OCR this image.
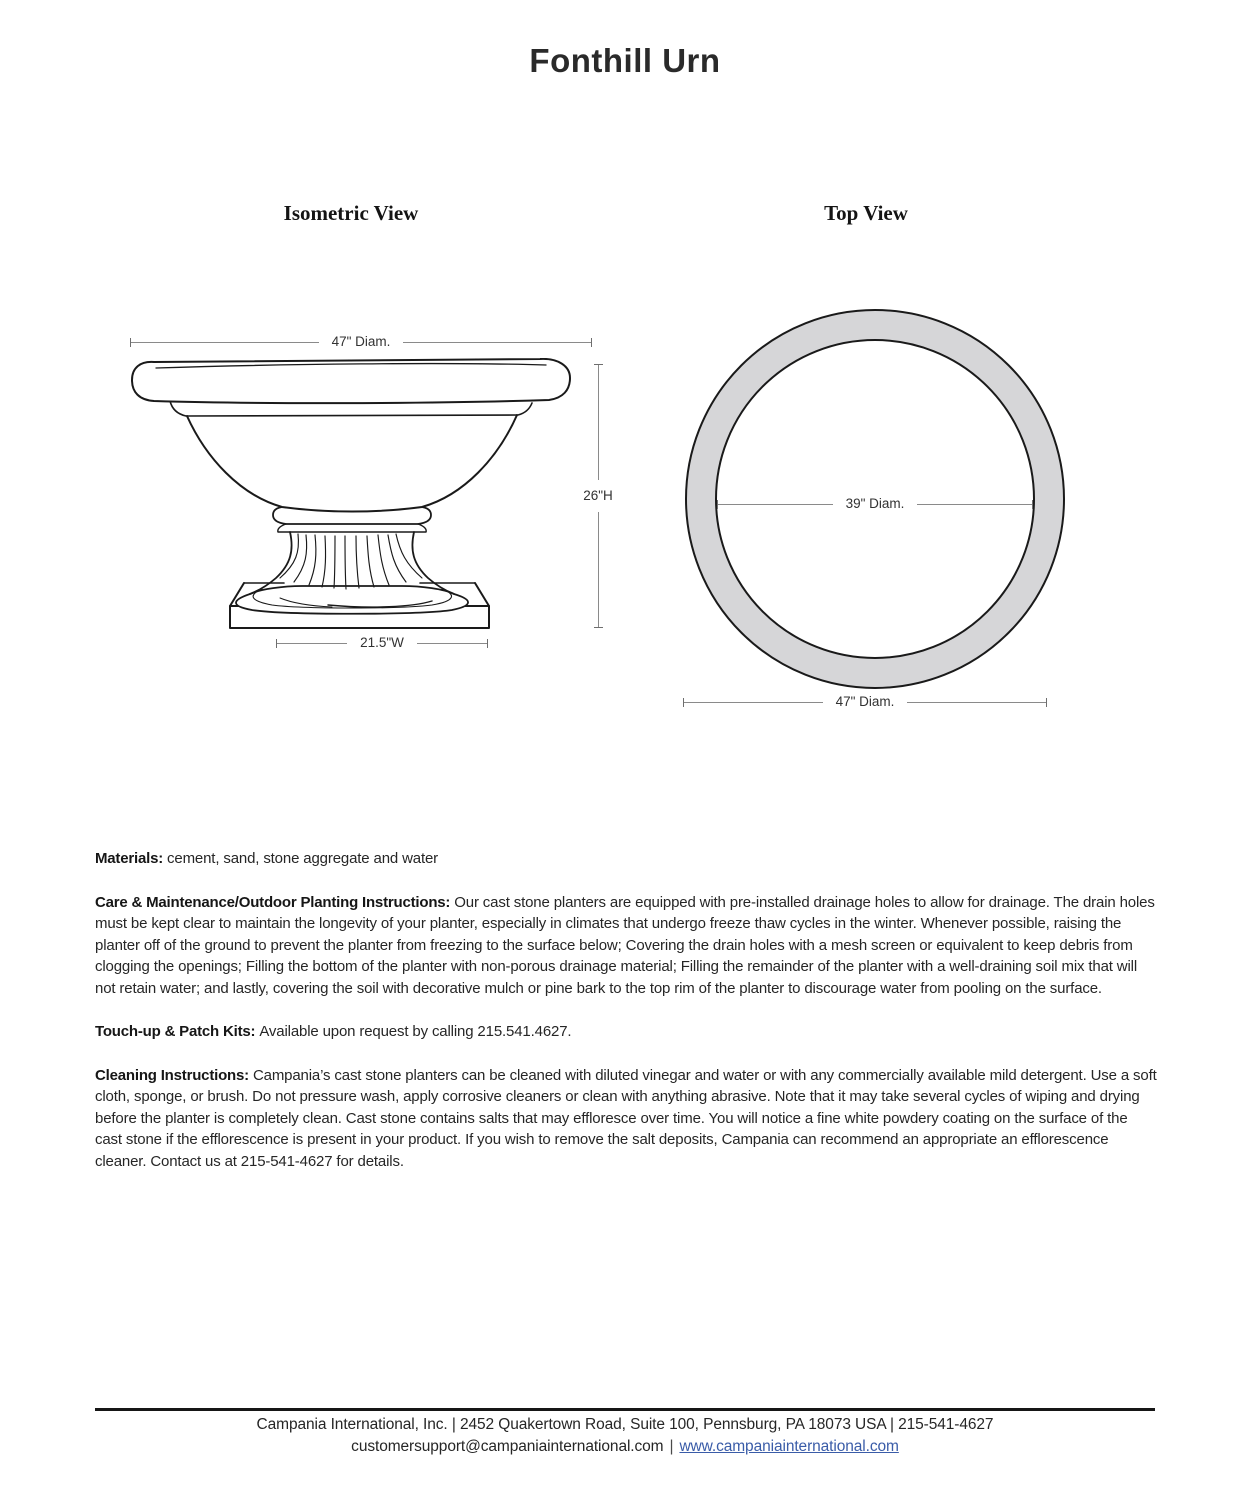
Fonthill Urn
Isometric View	Top View
47" Diam.
26"H
21.5"W
39" Diam.
47" Diam.
Materials: cement, sand, stone aggregate and water
Care & Maintenance/Outdoor Planting Instructions: Our cast stone planters are equipped with pre-installed drainage holes to allow for drainage. The drain holes must be kept clear to maintain the longevity of your planter, especially in climates that undergo freeze thaw cycles in the winter. Whenever possible, raising the planter off of the ground to prevent the planter from freezing to the surface below; Covering the drain holes with a mesh screen or equivalent to keep debris from clogging the openings; Filling the bottom of the planter with non-porous drainage material; Filling the remainder of the planter with a well-draining soil mix that will not retain water; and lastly, covering the soil with decorative mulch or pine bark to the top rim of the planter to discourage water from pooling on the surface.
Touch-up & Patch Kits: Available upon request by calling 215.541.4627.
Cleaning Instructions: Campania’s cast stone planters can be cleaned with diluted vinegar and water or with any commercially available mild detergent. Use a soft cloth, sponge, or brush. Do not pressure wash, apply corrosive cleaners or clean with anything abrasive. Note that it may take several cycles of wiping and drying before the planter is completely clean. Cast stone contains salts that may effloresce over time. You will notice a fine white powdery coating on the surface of the cast stone if the efflorescence is present in your product. If you wish to remove the salt deposits, Campania can recommend an appropriate an efflorescence cleaner. Contact us at 215-541-4627 for details.
Campania International, Inc. | 2452 Quakertown Road, Suite 100, Pennsburg, PA 18073 USA | 215-541-4627
customersupport@campaniainternational.com | www.campaniainternational.com
